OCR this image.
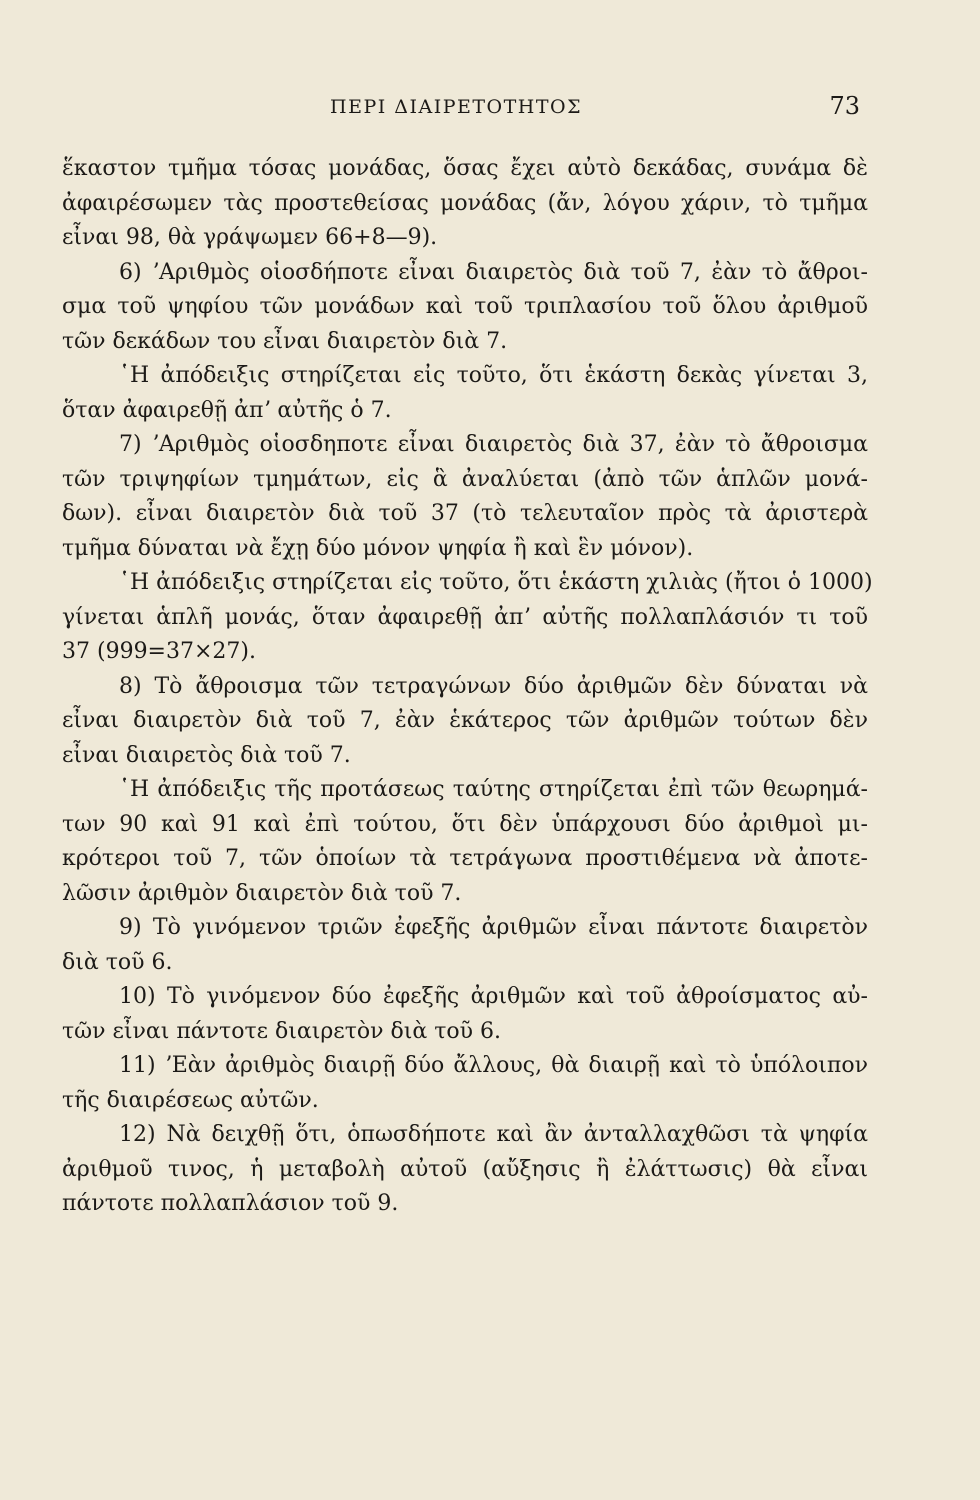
ΠΕΡΙ ΔΙΑΙΡΕΤΟΤΗΤΟΣ	73
ἕκαστον τμῆμα τόσας μονάδας, ὅσας ἔχει αὐτὸ δεκάδας, συνάμα δὲ
ἀφαιρέσωμεν τὰς προστεθείσας μονάδας (ἄν, λόγου χάριν, τὸ τμῆμα
εἶναι 98, θὰ γράψωμεν 66+8—9).
6) ʼΑριθμὸς οἱοσδήποτε εἶναι διαιρετὸς διὰ τοῦ 7, ἐὰν τὸ ἄθροι-
σμα τοῦ ψηφίου τῶν μονάδων καὶ τοῦ τριπλασίου τοῦ ὅλου ἀριθμοῦ
τῶν δεκάδων του εἶναι διαιρετὸν διὰ 7.
῾Η ἀπόδειξις στηρίζεται εἰς τοῦτο, ὅτι ἑκάστη δεκὰς γίνεται 3,
ὅταν ἀφαιρεθῇ ἀπʼ αὐτῆς ὁ 7.
7) ʼΑριθμὸς οἱοσδηποτε εἶναι διαιρετὸς διὰ 37, ἐὰν τὸ ἄθροισμα
τῶν τριψηφίων τμημάτων, εἰς ἃ ἀναλύεται (ἀπὸ τῶν ἁπλῶν μονά-
δων). εἶναι διαιρετὸν διὰ τοῦ 37 (τὸ τελευταῖον πρὸς τὰ ἀριστερὰ
τμῆμα δύναται νὰ ἔχῃ δύο μόνον ψηφία ἢ καὶ ἓν μόνον).
῾Η ἀπόδειξις στηρίζεται εἰς τοῦτο, ὅτι ἑκάστη χιλιὰς (ἤτοι ὁ 1000)
γίνεται ἁπλῆ μονάς, ὅταν ἀφαιρεθῇ ἀπʼ αὐτῆς πολλαπλάσιόν τι τοῦ
37 (999=37×27).
8) Τὸ ἄθροισμα τῶν τετραγώνων δύο ἀριθμῶν δὲν δύναται νὰ
εἶναι διαιρετὸν διὰ τοῦ 7, ἐὰν ἑκάτερος τῶν ἀριθμῶν τούτων δὲν
εἶναι διαιρετὸς διὰ τοῦ 7.
῾Η ἀπόδειξις τῆς προτάσεως ταύτης στηρίζεται ἐπὶ τῶν θεωρημά-
των 90 καὶ 91 καὶ ἐπὶ τούτου, ὅτι δὲν ὑπάρχουσι δύο ἀριθμοὶ μι-
κρότεροι τοῦ 7, τῶν ὁποίων τὰ τετράγωνα προστιθέμενα νὰ ἀποτε-
λῶσιν ἀριθμὸν διαιρετὸν διὰ τοῦ 7.
9) Τὸ γινόμενον τριῶν ἐφεξῆς ἀριθμῶν εἶναι πάντοτε διαιρετὸν
διὰ τοῦ 6.
10) Τὸ γινόμενον δύο ἐφεξῆς ἀριθμῶν καὶ τοῦ ἀθροίσματος αὐ-
τῶν εἶναι πάντοτε διαιρετὸν διὰ τοῦ 6.
11) ʼΕὰν ἀριθμὸς διαιρῇ δύο ἄλλους, θὰ διαιρῇ καὶ τὸ ὑπόλοιπον
τῆς διαιρέσεως αὐτῶν.
12) Νὰ δειχθῇ ὅτι, ὁπωσδήποτε καὶ ἂν ἀνταλλαχθῶσι τὰ ψηφία
ἀριθμοῦ τινος, ἡ μεταβολὴ αὐτοῦ (αὔξησις ἢ ἐλάττωσις) θὰ εἶναι
πάντοτε πολλαπλάσιον τοῦ 9.
